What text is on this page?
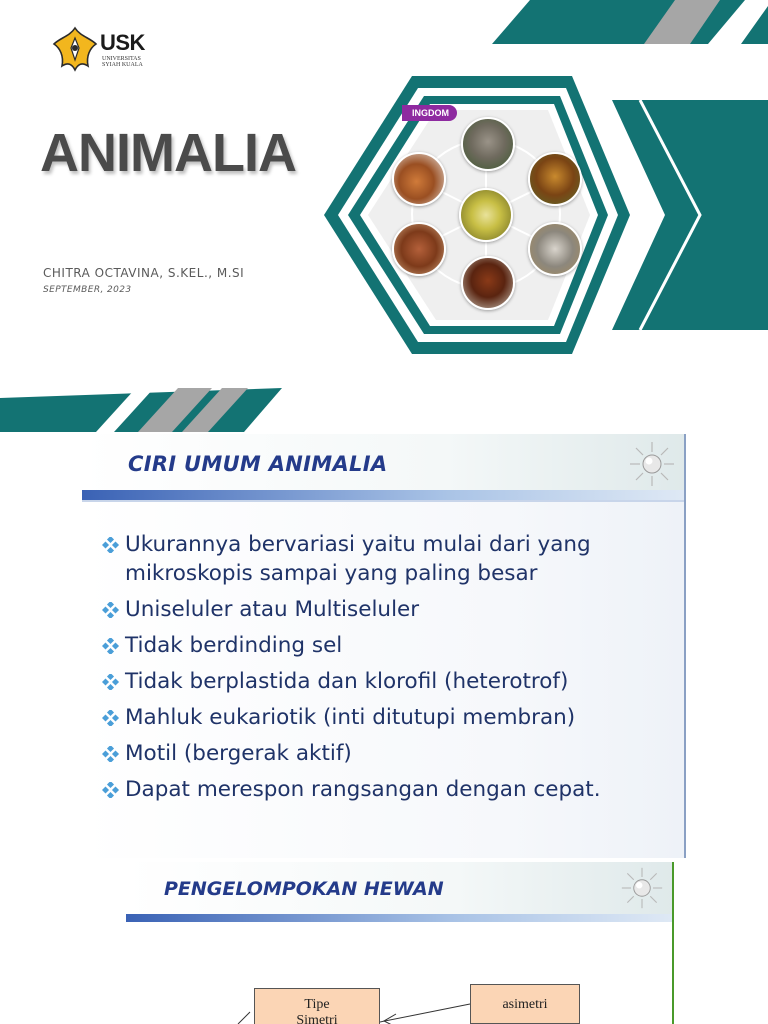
INGDOM
USK
UNIVERSITAS
SYIAH KUALA
ANIMALIA
CHITRA OCTAVINA, S.KEL., M.SI
SEPTEMBER, 2023
CIRI UMUM ANIMALIA
Ukurannya bervariasi yaitu mulai dari yang mikroskopis sampai yang paling besar
Uniseluler atau Multiseluler
Tidak berdinding sel
Tidak berplastida dan klorofil (heterotrof)
Mahluk eukariotik (inti ditutupi membran)
Motil (bergerak aktif)
Dapat merespon rangsangan dengan cepat.
PENGELOMPOKAN HEWAN
Tipe
Simetri
asimetri
